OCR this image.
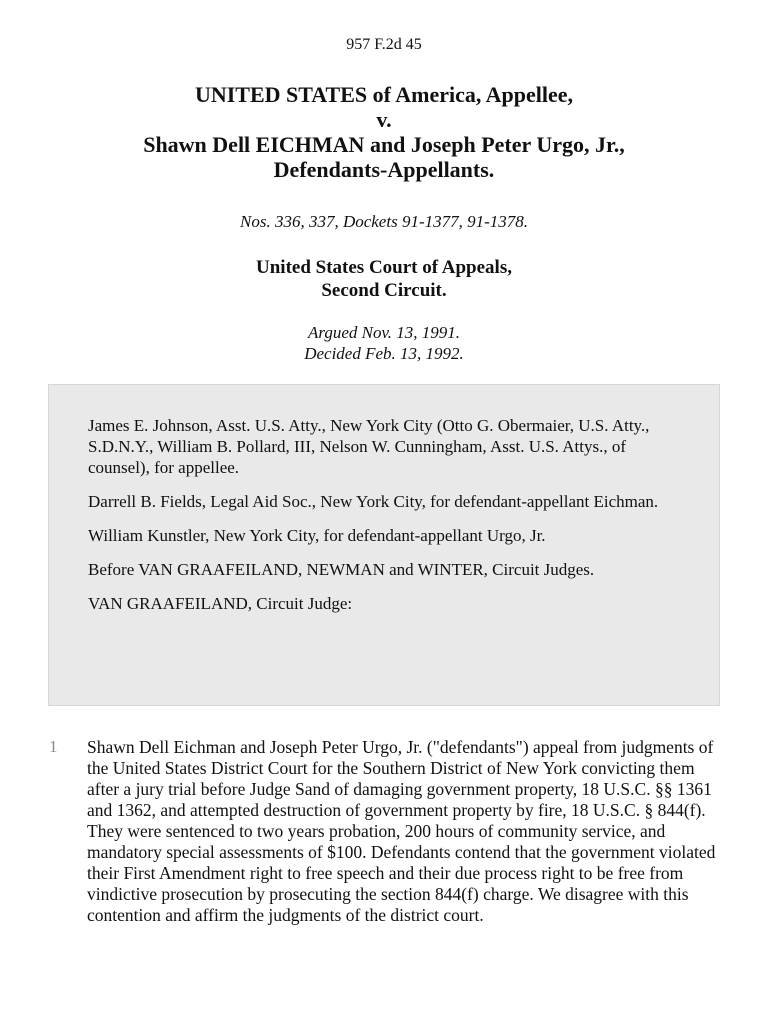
957 F.2d 45
UNITED STATES of America, Appellee,
v.
Shawn Dell EICHMAN and Joseph Peter Urgo, Jr.,
Defendants-Appellants.
Nos. 336, 337, Dockets 91-1377, 91-1378.
United States Court of Appeals,
Second Circuit.
Argued Nov. 13, 1991.
Decided Feb. 13, 1992.

James E. Johnson, Asst. U.S. Atty., New York City (Otto G. Obermaier, U.S. Atty., S.D.N.Y., William B. Pollard, III, Nelson W. Cunningham, Asst. U.S. Attys., of counsel), for appellee.

Darrell B. Fields, Legal Aid Soc., New York City, for defendant-appellant Eichman.

William Kunstler, New York City, for defendant-appellant Urgo, Jr.

Before VAN GRAAFEILAND, NEWMAN and WINTER, Circuit Judges.

VAN GRAAFEILAND, Circuit Judge:

1 Shawn Dell Eichman and Joseph Peter Urgo, Jr. ("defendants") appeal from judgments of the United States District Court for the Southern District of New York convicting them after a jury trial before Judge Sand of damaging government property, 18 U.S.C. §§ 1361 and 1362, and attempted destruction of government property by fire, 18 U.S.C. § 844(f). They were sentenced to two years probation, 200 hours of community service, and mandatory special assessments of $100. Defendants contend that the government violated their First Amendment right to free speech and their due process right to be free from vindictive prosecution by prosecuting the section 844(f) charge. We disagree with this contention and affirm the judgments of the district court.
